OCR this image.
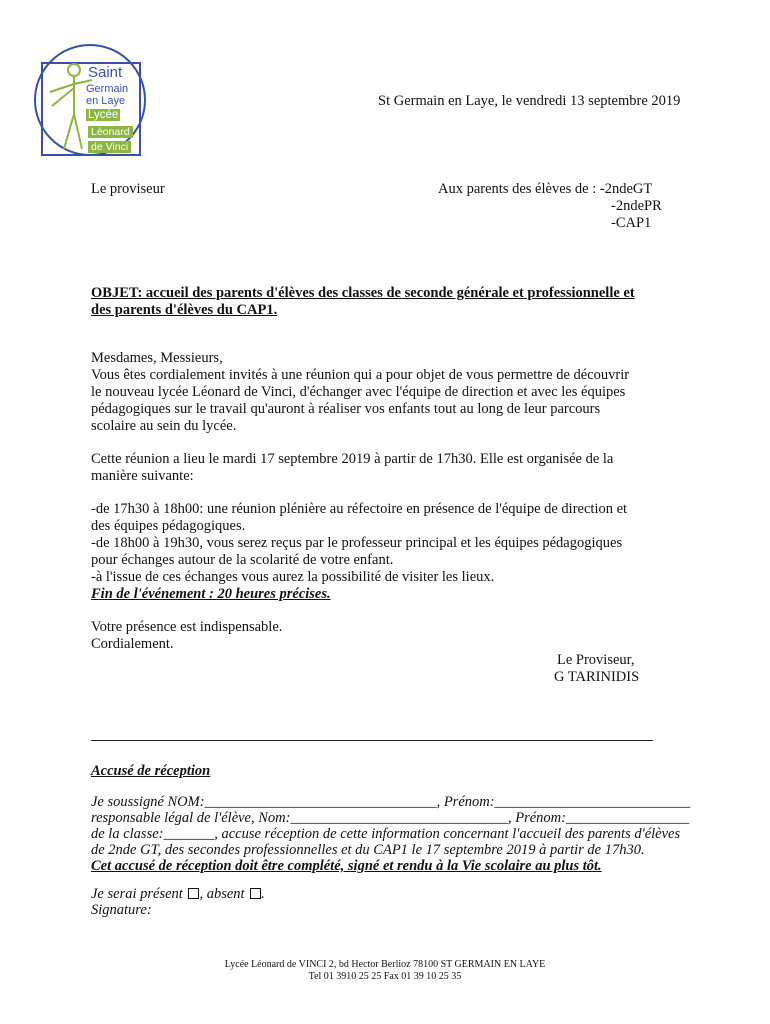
Saint
Germain
en Laye
Lycée
Léonard
de Vinci
St Germain en Laye, le vendredi 13 septembre 2019
Le proviseur	Aux parents des élèves de : -2ndeGT
-2ndePR
-CAP1
OBJET: accueil des parents d'élèves des classes de seconde générale et professionnelle et
des parents d'élèves du CAP1.
Mesdames, Messieurs,
Vous êtes cordialement invités à une réunion qui a pour objet de vous permettre de découvrir
le nouveau lycée Léonard de Vinci, d'échanger avec l'équipe de direction et avec les équipes
pédagogiques sur le travail qu'auront à réaliser vos enfants tout au long de leur parcours
scolaire au sein du lycée.
Cette réunion a lieu le mardi 17 septembre 2019 à partir de 17h30. Elle est organisée de la
manière suivante:
-de 17h30 à 18h00: une réunion plénière au réfectoire en présence de l'équipe de direction et
des équipes pédagogiques.
-de 18h00 à 19h30, vous serez reçus par le professeur principal et les équipes pédagogiques
pour échanges autour de la scolarité de votre enfant.
-à l'issue de ces échanges vous aurez la possibilité de visiter les lieux.
Fin de l'événement : 20 heures précises.
Votre présence est indispensable.
Cordialement.
Le Proviseur,
G TARINIDIS
Accusé de réception
Je soussigné NOM:________________________________, Prénom:___________________________
responsable légal de l'élève, Nom:______________________________, Prénom:_________________
de la classe:_______, accuse réception de cette information concernant l'accueil des parents d'élèves
de 2nde GT, des secondes professionnelles et du CAP1 le 17 septembre 2019 à partir de 17h30.
Cet accusé de réception doit être complété, signé et rendu à la Vie scolaire au plus tôt.
Je serai présent , absent .
Signature:
Lycée Léonard de VINCI 2, bd Hector Berlioz 78100 ST GERMAIN EN LAYE
Tel 01 3910 25 25 Fax 01 39 10 25 35
